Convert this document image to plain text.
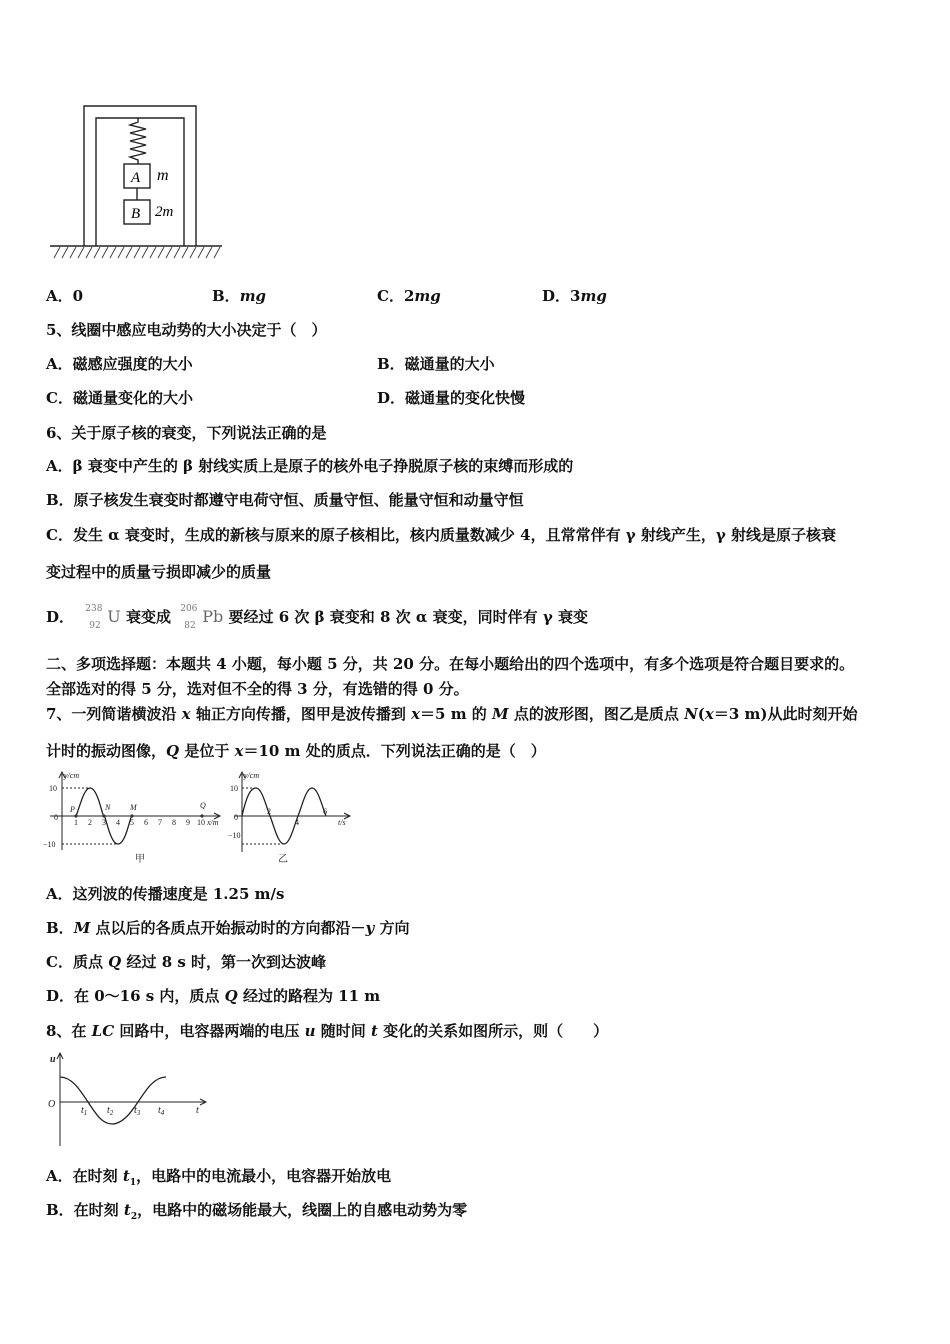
A m
B 2m
A．0	B．mg	C．2mg	D．3mg
5、线圈中感应电动势的大小决定于（　）
A．磁感应强度的大小	B．磁通量的大小
C．磁通量变化的大小	D．磁通量的变化快慢
6、关于原子核的衰变，下列说法正确的是
A．β 衰变中产生的 β 射线实质上是原子的核外电子挣脱原子核的束缚而形成的
B．原子核发生衰变时都遵守电荷守恒、质量守恒、能量守恒和动量守恒
C．发生 α 衰变时，生成的新核与原来的原子核相比，核内质量数减少 4，且常常伴有 γ 射线产生，γ 射线是原子核衰
变过程中的质量亏损即减少的质量
D． 238
92 U 衰变成 206
82 Pb 要经过 6 次 β 衰变和 8 次 α 衰变，同时伴有 γ 衰变
二、多项选择题：本题共 4 小题，每小题 5 分，共 20 分。在每小题给出的四个选项中，有多个选项是符合题目要求的。
全部选对的得 5 分，选对但不全的得 3 分，有选错的得 0 分。
7、一列简谐横波沿 x 轴正方向传播，图甲是波传播到 x＝5 m 的 M 点的波形图，图乙是质点 N(x＝3 m)从此时刻开始
计时的振动图像，Q 是位于 x＝10 m 处的质点．下列说法正确的是（　）
y/cm
10
−10
0
P	N M	Q
1 2 3 4 5 6 7 8 9 10 x/m
甲
y/cm
10
−10
0
2
4
6
t/s
乙
A．这列波的传播速度是 1.25 m/s
B．M 点以后的各质点开始振动时的方向都沿－y 方向
C．质点 Q 经过 8 s 时，第一次到达波峰
D．在 0～16 s 内，质点 Q 经过的路程为 11 m
8、在 LC 回路中，电容器两端的电压 u 随时间 t 变化的关系如图所示，则（　　）
u
O
t
$t_1$ $t_2$ $t_3$ $t_4$
A．在时刻 $t_1$，电路中的电流最小，电容器开始放电
B．在时刻 $t_2$，电路中的磁场能最大，线圈上的自感电动势为零
